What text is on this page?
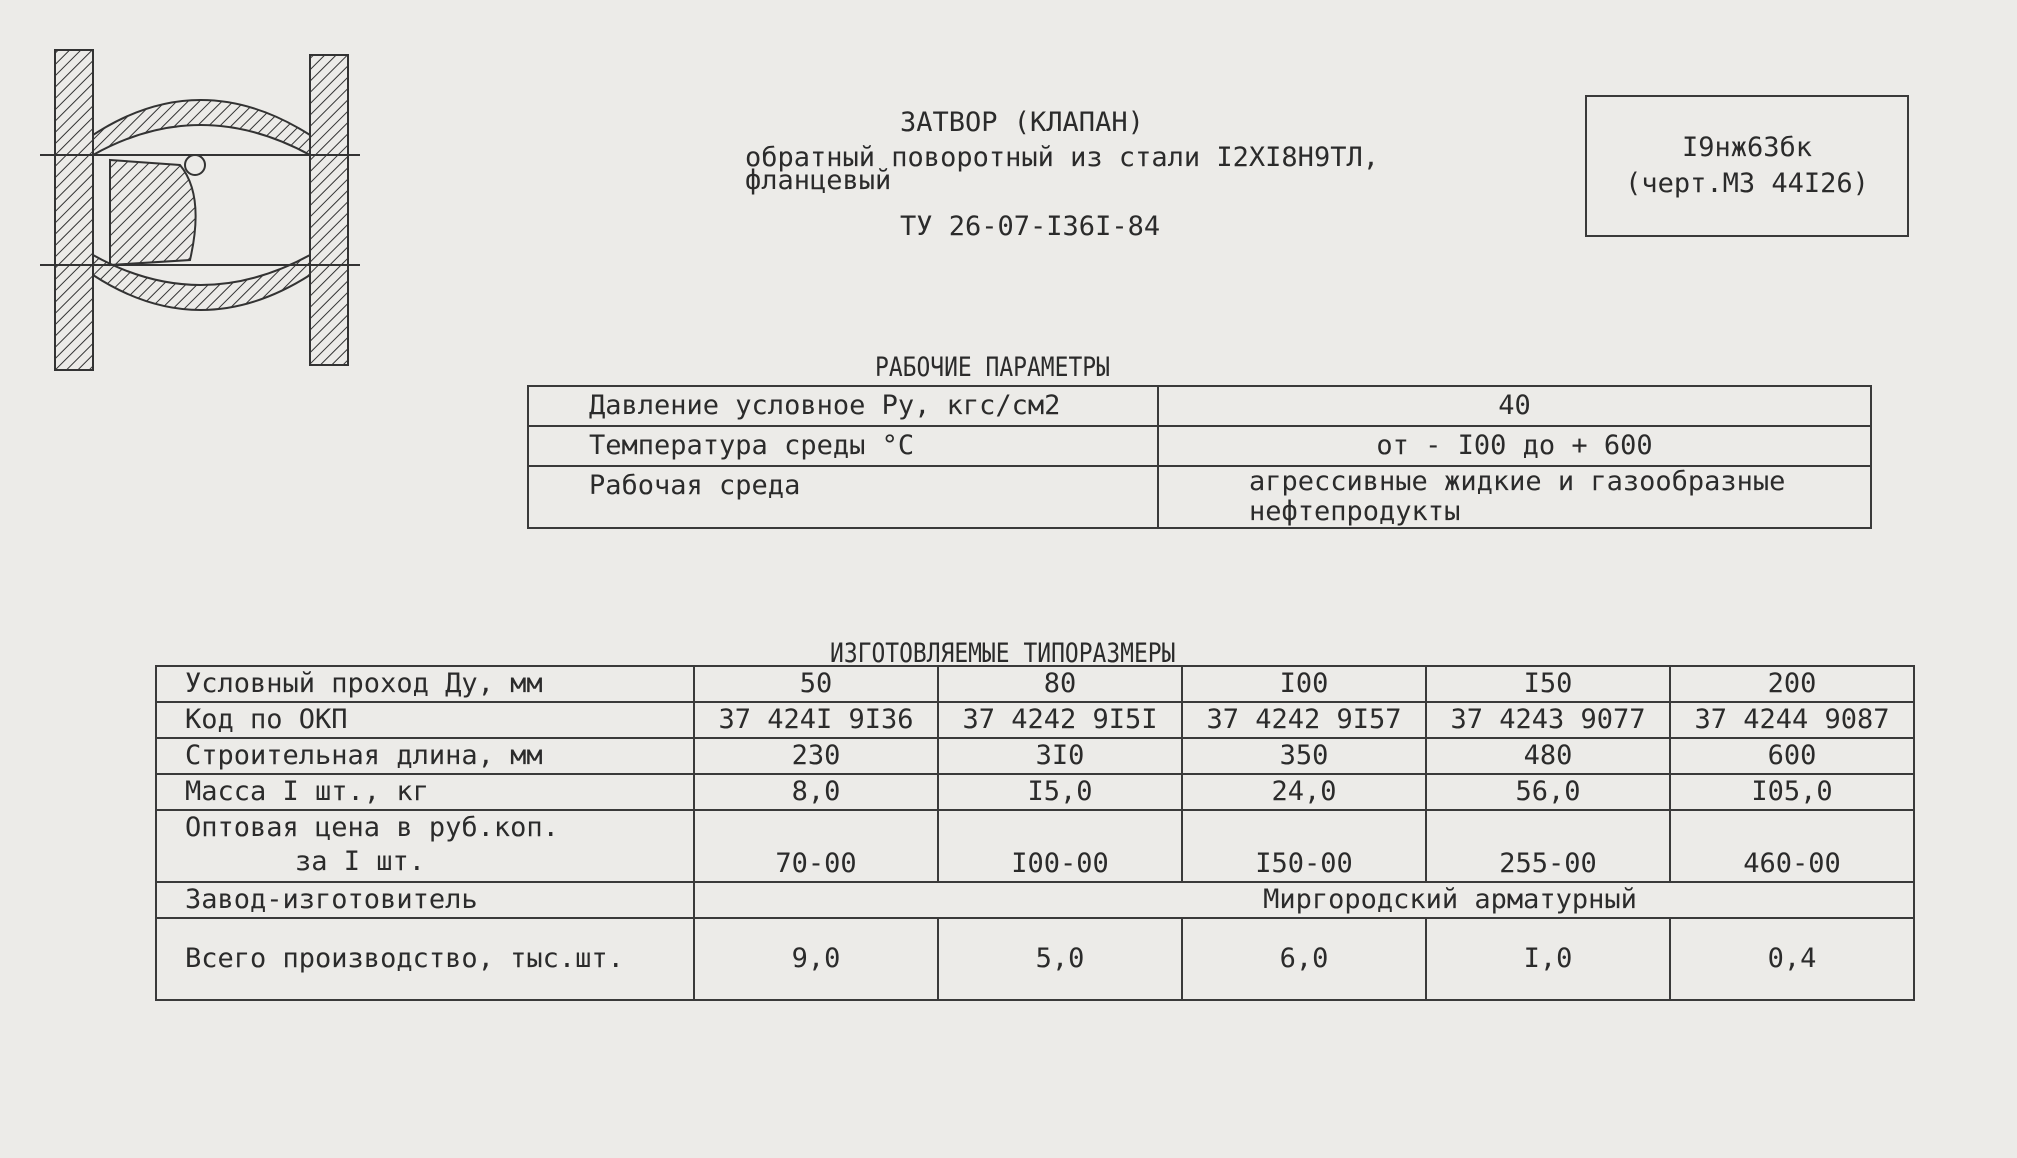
ЗАТВОР (КЛАПАН)
обратный поворотный из стали I2XI8H9TЛ,
фланцевый
ТУ 26-07-I36I-84
I9нж63бк
(черт.МЗ 44I26)
РАБОЧИЕ ПАРАМЕТРЫ
Давление условное Ру, кгс/см2	40
Температура среды °С	от - I00 до + 600
Рабочая среда	агрессивные жидкие и газообразные
нефтепродукты
ИЗГОТОВЛЯЕМЫЕ ТИПОРАЗМЕРЫ
Условный проход Ду, мм	50	80	I00	I50	200
Код по ОКП	37 424I 9I36	37 4242 9I5I	37 4242 9I57	37 4243 9077	37 4244 9087
Строительная длина, мм	230	3I0	350	480	600
Масса I шт., кг	8,0	I5,0	24,0	56,0	I05,0

Оптовая цена в руб.коп.
за I шт.	70-00	I00-00	I50-00	255-00	460-00
Завод-изготовитель	Миргородский арматурный				
Всего производство, тыс.шт.	9,0	5,0	6,0	I,0	0,4
